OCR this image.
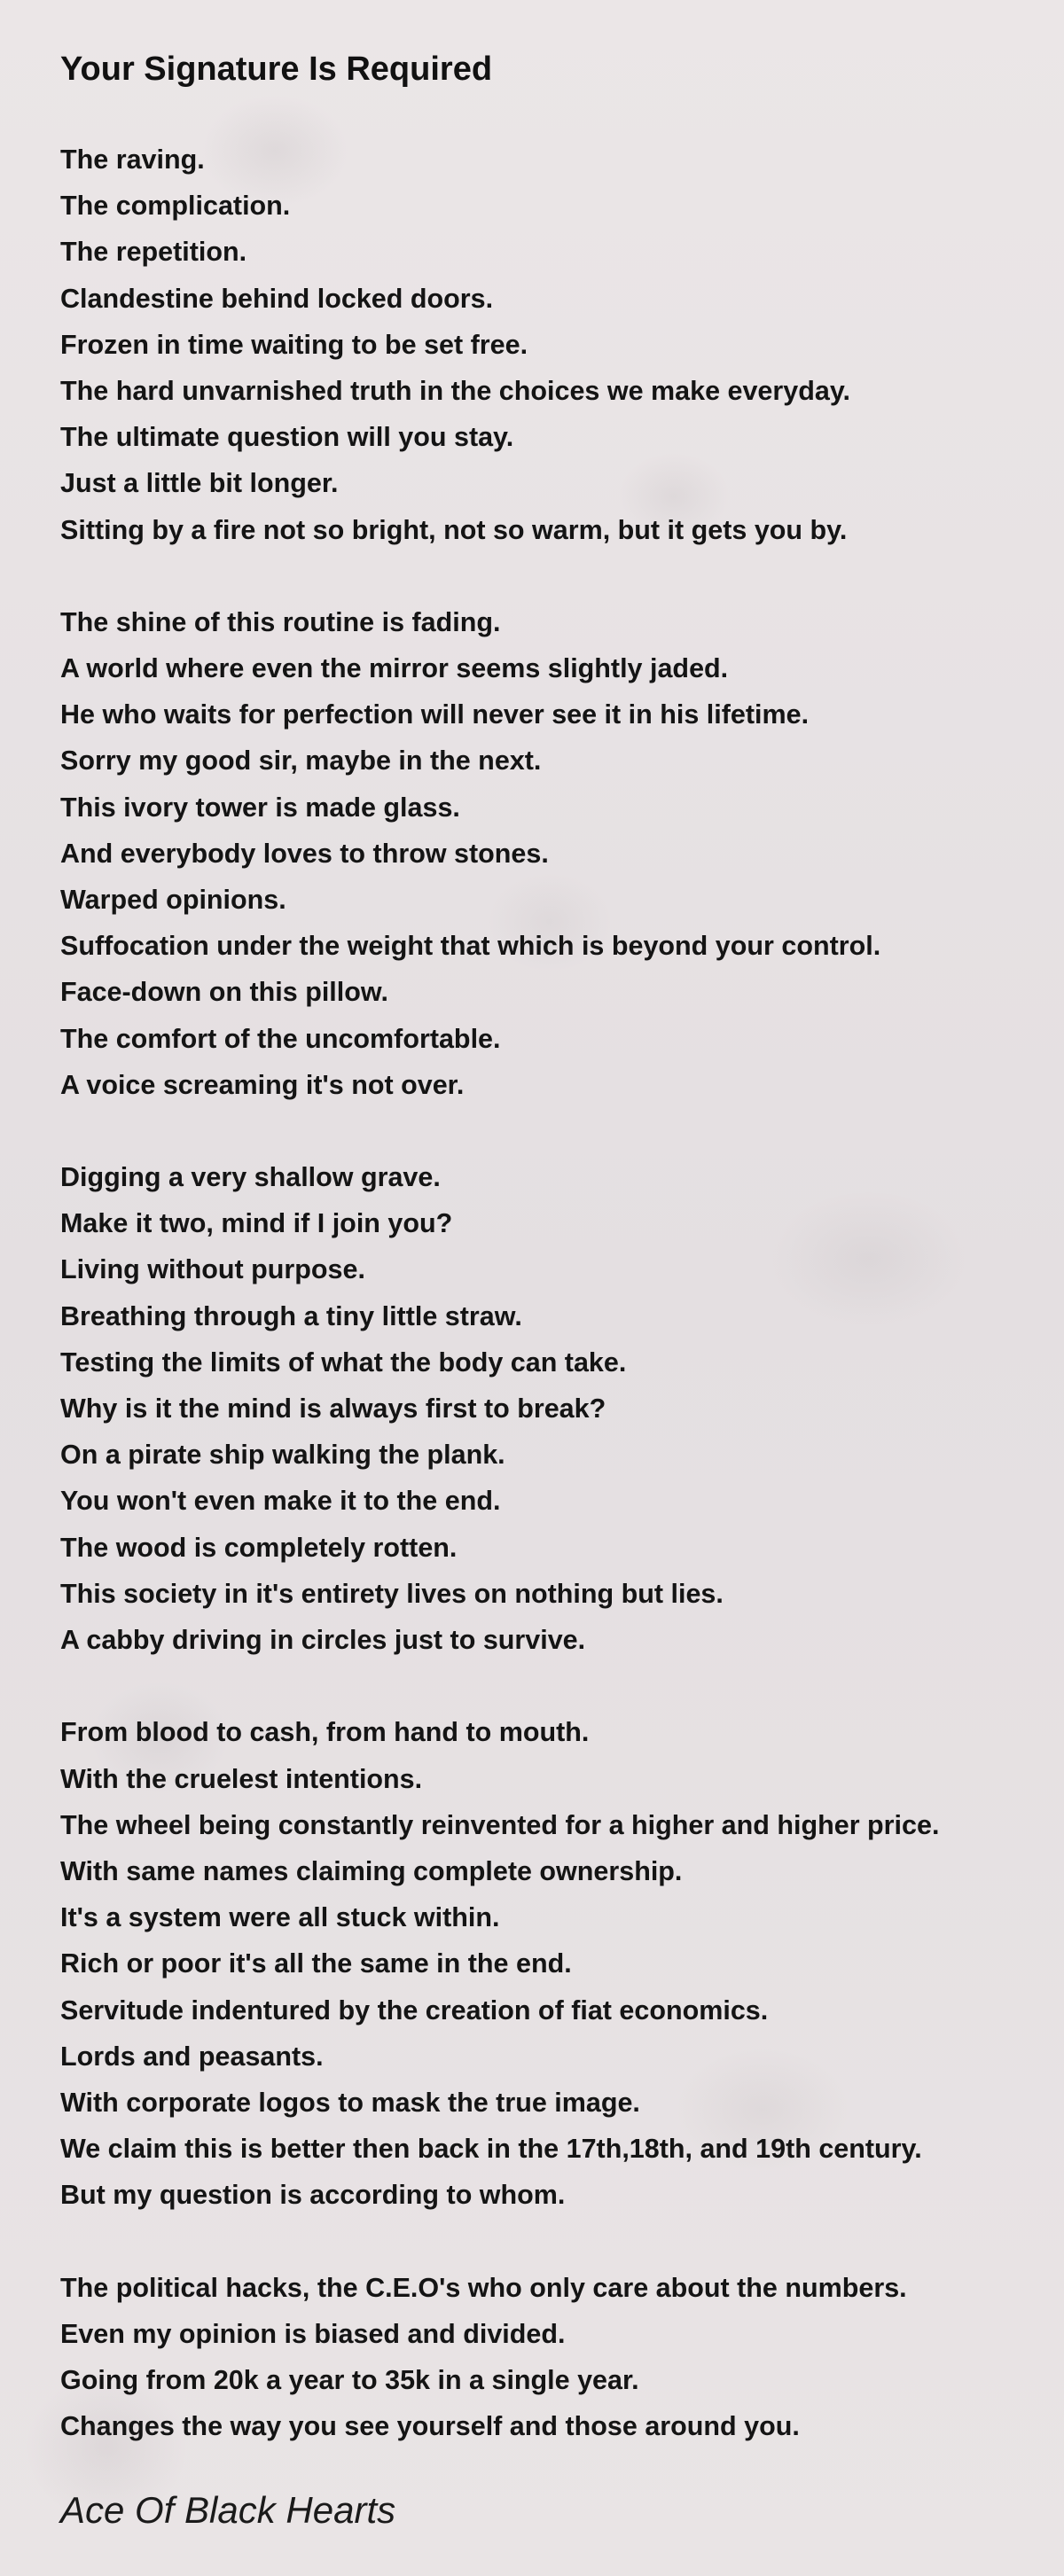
Your Signature Is Required
The raving.
The complication.
The repetition.
Clandestine behind locked doors.
Frozen in time waiting to be set free.
The hard unvarnished truth in the choices we make everyday.
The ultimate question will you stay.
Just a little bit longer.
Sitting by a fire not so bright, not so warm, but it gets you by.
The shine of this routine is fading.
A world where even the mirror seems slightly jaded.
He who waits for perfection will never see it in his lifetime.
Sorry my good sir, maybe in the next.
This ivory tower is made glass.
And everybody loves to throw stones.
Warped opinions.
Suffocation under the weight that which is beyond your control.
Face-down on this pillow.
The comfort of the uncomfortable.
A voice screaming it's not over.
Digging a very shallow grave.
Make it two, mind if I join you?
Living without purpose.
Breathing through a tiny little straw.
Testing the limits of what the body can take.
Why is it the mind is always first to break?
On a pirate ship walking the plank.
You won't even make it to the end.
The wood is completely rotten.
This society in it's entirety lives on nothing but lies.
A cabby driving in circles just to survive.
From blood to cash, from hand to mouth.
With the cruelest intentions.
The wheel being constantly reinvented for a higher and higher price.
With same names claiming complete ownership.
It's a system were all stuck within.
Rich or poor it's all the same in the end.
Servitude indentured by the creation of fiat economics.
Lords and peasants.
With corporate logos to mask the true image.
We claim this is better then back in the 17th,18th, and 19th century.
But my question is according to whom.
The political hacks, the C.E.O's who only care about the numbers.
Even my opinion is biased and divided.
Going from 20k a year to 35k in a single year.
Changes the way you see yourself and those around you.
Ace Of Black Hearts
